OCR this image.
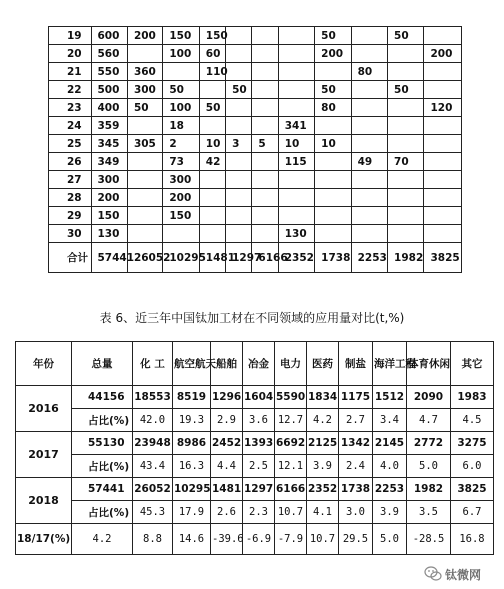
19	600	200	150	150				50		50	
20	560		100	60				200			200
21	550	360		110					80		
22	500	300	50		50			50		50	
23	400	50	100	50				80			120
24	359		18				341				
25	345	305	2	10	3	5	10	10			
26	349		73	42			115		49	70	
27	300		300								
28	200		200								
29	150		150								
30	130						130				
合计	57441	26052	10295	1481	1297	6166	2352	1738	2253	1982	3825
表 6、近三年中国钛加工材在不同领域的应用量对比(t,%)
年份	总量	化 工	航空航天	船舶	冶金	电力	医药	制盐	海洋工程	体育休闲	其它
2016	44156	18553	8519	1296	1604	5590	1834	1175	1512	2090	1983
	占比(%)	42.0	19.3	2.9	3.6	12.7	4.2	2.7	3.4	4.7	4.5
2017	55130	23948	8986	2452	1393	6692	2125	1342	2145	2772	3275
	占比(%)	43.4	16.3	4.4	2.5	12.1	3.9	2.4	4.0	5.0	6.0
2018	57441	26052	10295	1481	1297	6166	2352	1738	2253	1982	3825
	占比(%)	45.3	17.9	2.6	2.3	10.7	4.1	3.0	3.9	3.5	6.7
18/17(%)	4.2	8.8	14.6	-39.6	-6.9	-7.9	10.7	29.5	5.0	-28.5	16.8
钛微网
